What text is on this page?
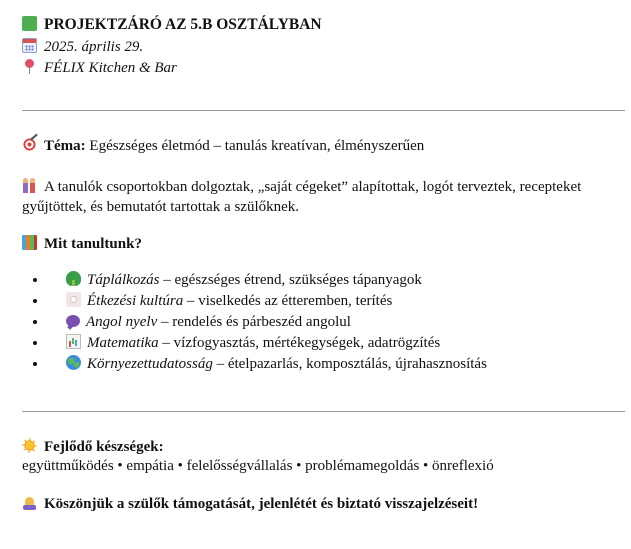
PROJEKTZÁRÓ AZ 5.B OSZTÁLYBAN
2025. április 29.
FÉLIX Kitchen & Bar
Téma: Egészséges életmód – tanulás kreatívan, élményszerűen
A tanulók csoportokban dolgoztak, „saját cégeket” alapítottak, logót terveztek, recepteket gyűjtöttek, és bemutatót tartottak a szülőknek.
Mit tanultunk?
• Táplálkozás – egészséges étrend, szükséges tápanyagok
• Étkezési kultúra – viselkedés az étteremben, terítés
• Angol nyelv – rendelés és párbeszéd angolul
• Matematika – vízfogyasztás, mértékegységek, adatrögzítés
• Környezettudatosság – ételpazarlás, komposztálás, újrahasznosítás
Fejlődő készségek:
együttműködés • empátia • felelősségvállalás • problémamegoldás • önreflexió
Köszönjük a szülők támogatását, jelenlétét és biztató visszajelzéseit!
